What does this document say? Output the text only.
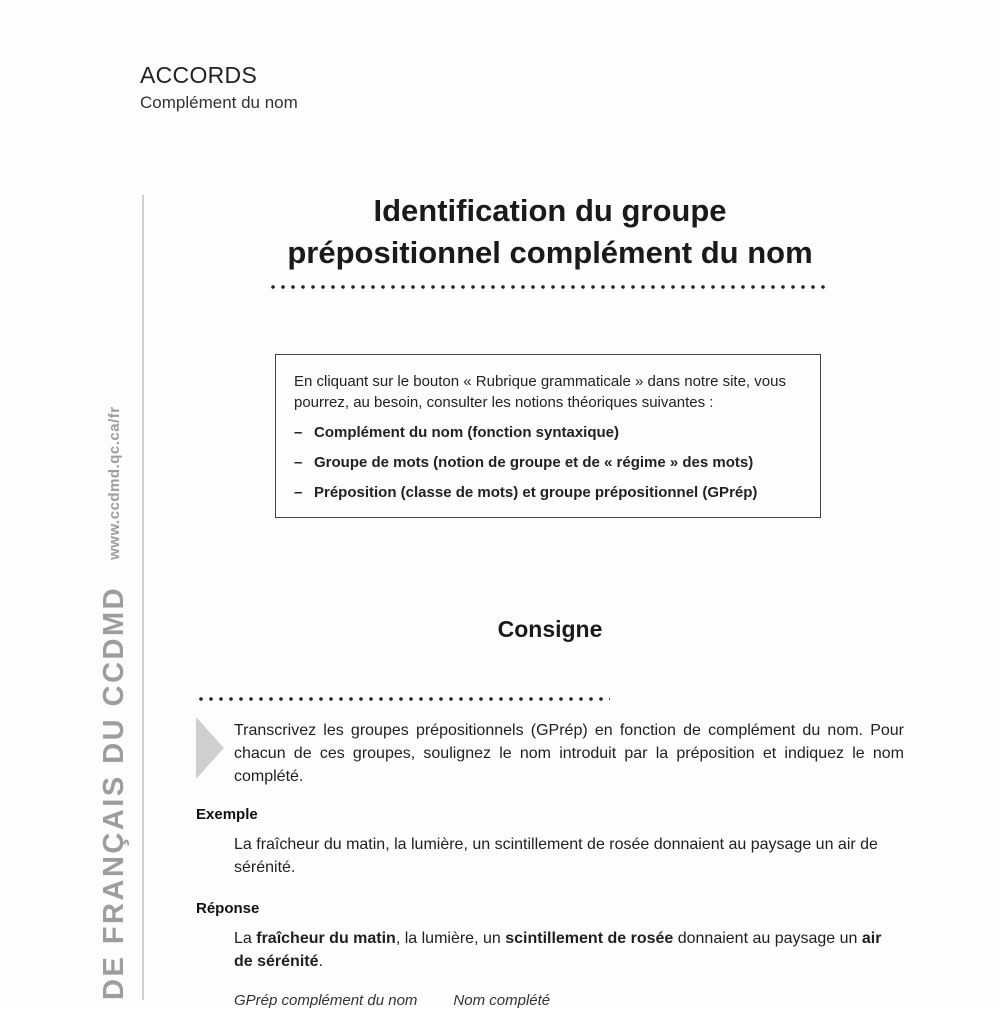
ACCORDS
Complément du nom
DE FRANÇAIS DU CCDMD
www.ccdmd.qc.ca/fr
Identification du groupe
prépositionnel complément du nom

En cliquant sur le bouton « Rubrique grammaticale » dans notre site, vous pourrez, au besoin, consulter les notions théoriques suivantes :

– Complément du nom (fonction syntaxique)
– Groupe de mots (notion de groupe et de « régime » des mots)
– Préposition (classe de mots) et groupe prépositionnel (GPrép)
Consigne
Transcrivez les groupes prépositionnels (GPrép) en fonction de complément du nom. Pour chacun de ces groupes, soulignez le nom introduit par la préposition et indiquez le nom complété.
Exemple
La fraîcheur du matin, la lumière, un scintillement de rosée donnaient au paysage un air de sérénité.
Réponse
La fraîcheur du matin, la lumière, un scintillement de rosée donnaient au paysage un air de sérénité.
GPrép complément du nom Nom complété
